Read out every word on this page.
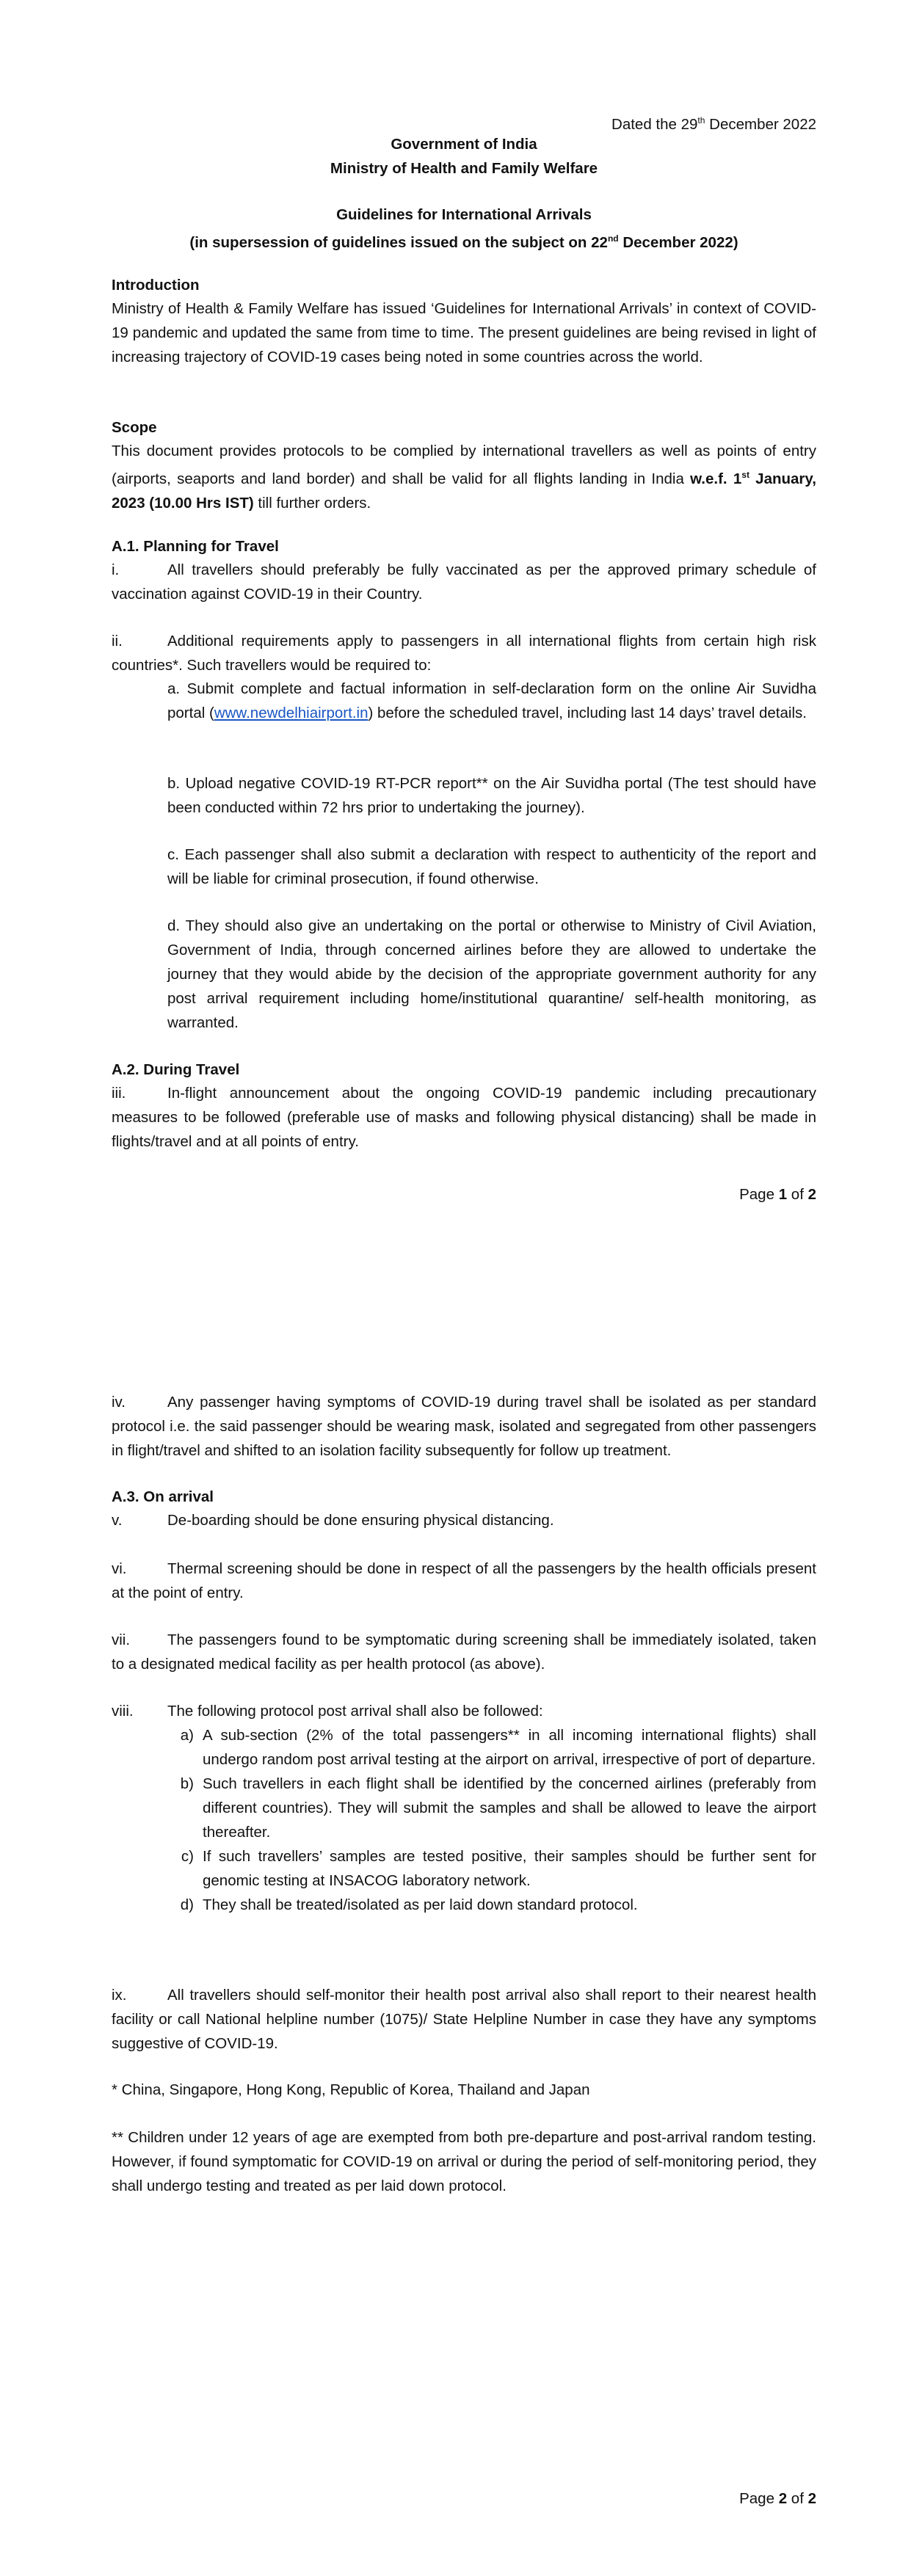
Dated the 29th December 2022
Government of India
Ministry of Health and Family Welfare
Guidelines for International Arrivals
(in supersession of guidelines issued on the subject on 22nd December 2022)
Introduction
Ministry of Health & Family Welfare has issued ‘Guidelines for International Arrivals’ in context of COVID-19 pandemic and updated the same from time to time. The present guidelines are being revised in light of increasing trajectory of COVID-19 cases being noted in some countries across the world.
Scope
This document provides protocols to be complied by international travellers as well as points of entry (airports, seaports and land border) and shall be valid for all flights landing in India w.e.f. 1st January, 2023 (10.00 Hrs IST) till further orders.
A.1. Planning for Travel
i.	All travellers should preferably be fully vaccinated as per the approved primary schedule of vaccination against COVID-19 in their Country.
ii.	Additional requirements apply to passengers in all international flights from certain high risk countries*. Such travellers would be required to:
a. Submit complete and factual information in self-declaration form on the online Air Suvidha portal (www.newdelhiairport.in) before the scheduled travel, including last 14 days’ travel details.
b. Upload negative COVID-19 RT-PCR report** on the Air Suvidha portal (The test should have been conducted within 72 hrs prior to undertaking the journey).
c. Each passenger shall also submit a declaration with respect to authenticity of the report and will be liable for criminal prosecution, if found otherwise.
d. They should also give an undertaking on the portal or otherwise to Ministry of Civil Aviation, Government of India, through concerned airlines before they are allowed to undertake the journey that they would abide by the decision of the appropriate government authority for any post arrival requirement including home/institutional quarantine/ self-health monitoring, as warranted.
A.2. During Travel
iii.	In-flight announcement about the ongoing COVID-19 pandemic including precautionary measures to be followed (preferable use of masks and following physical distancing) shall be made in flights/travel and at all points of entry.
Page 1 of 2
iv.	Any passenger having symptoms of COVID-19 during travel shall be isolated as per standard protocol i.e. the said passenger should be wearing mask, isolated and segregated from other passengers in flight/travel and shifted to an isolation facility subsequently for follow up treatment.
A.3. On arrival
v.	De-boarding should be done ensuring physical distancing.
vi.	Thermal screening should be done in respect of all the passengers by the health officials present at the point of entry.
vii. The passengers found to be symptomatic during screening shall be immediately isolated, taken to a designated medical facility as per health protocol (as above).
viii. The following protocol post arrival shall also be followed:
a) A sub-section (2% of the total passengers** in all incoming international flights) shall undergo random post arrival testing at the airport on arrival, irrespective of port of departure.
b) Such travellers in each flight shall be identified by the concerned airlines (preferably from different countries). They will submit the samples and shall be allowed to leave the airport thereafter.
c) If such travellers’ samples are tested positive, their samples should be further sent for genomic testing at INSACOG laboratory network.
d) They shall be treated/isolated as per laid down standard protocol.
ix.	All travellers should self-monitor their health post arrival also shall report to their nearest health facility or call National helpline number (1075)/ State Helpline Number in case they have any symptoms suggestive of COVID-19.
* China, Singapore, Hong Kong, Republic of Korea, Thailand and Japan
** Children under 12 years of age are exempted from both pre-departure and post-arrival random testing. However, if found symptomatic for COVID-19 on arrival or during the period of self-monitoring period, they shall undergo testing and treated as per laid down protocol.
Page 2 of 2
